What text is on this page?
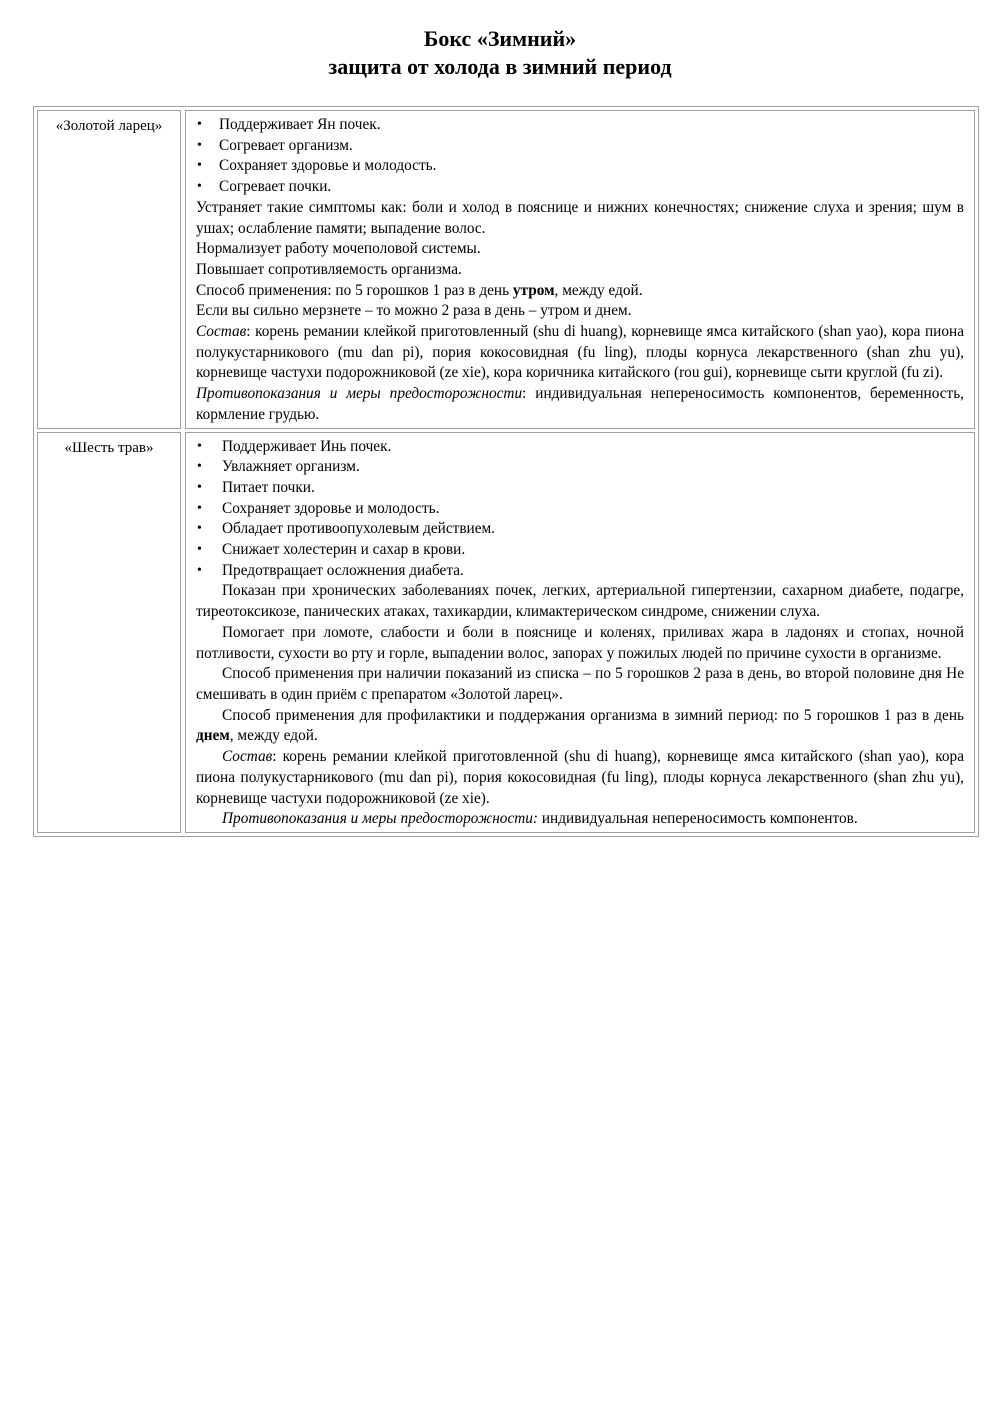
Бокс «Зимний»
защита от холода в зимний период
«Золотой ларец»	• Поддерживает Ян почек.
• Согревает организм.
• Сохраняет здоровье и молодость.
• Согревает почки.
Устраняет такие симптомы как: боли и холод в пояснице и нижних конечностях; снижение слуха и зрения; шум в ушах; ослабление памяти; выпадение волос.
Нормализует работу мочеполовой системы.
Повышает сопротивляемость организма.
Способ применения: по 5 горошков 1 раз в день утром, между едой.
Если вы сильно мерзнете – то можно 2 раза в день – утром и днем.
Состав: корень ремании клейкой приготовленный (shu di huang), корневище ямса китайского (shan yao), кора пиона полукустарникового (mu dan pi), пория кокосовидная (fu ling), плоды корнуса лекарственного (shan zhu yu), корневище частухи подорожниковой (ze xie), кора коричника китайского (rou gui), корневище сыти круглой (fu zi).
Противопоказания и меры предосторожности: индивидуальная непереносимость компонентов, беременность, кормление грудью.
«Шесть трав»	• Поддерживает Инь почек.
• Увлажняет организм.
• Питает почки.
• Сохраняет здоровье и молодость.
• Обладает противоопухолевым действием.
• Снижает холестерин и сахар в крови.
• Предотвращает осложнения диабета.
Показан при хронических заболеваниях почек, легких, артериальной гипертензии, сахарном диабете, подагре, тиреотоксикозе, панических атаках, тахикардии, климактерическом синдроме, снижении слуха.
Помогает при ломоте, слабости и боли в пояснице и коленях, приливах жара в ладонях и стопах, ночной потливости, сухости во рту и горле, выпадении волос, запорах у пожилых людей по причине сухости в организме.
Способ применения при наличии показаний из списка – по 5 горошков 2 раза в день, во второй половине дня Не смешивать в один приём с препаратом «Золотой ларец».
Способ применения для профилактики и поддержания организма в зимний период: по 5 горошков 1 раз в день днем, между едой.
Состав: корень ремании клейкой приготовленной (shu di huang), корневище ямса китайского (shan yao), кора пиона полукустарникового (mu dan pi), пория кокосовидная (fu ling), плоды корнуса лекарственного (shan zhu yu), корневище частухи подорожниковой (ze xie).
Противопоказания и меры предосторожности: индивидуальная непереносимость компонентов.
